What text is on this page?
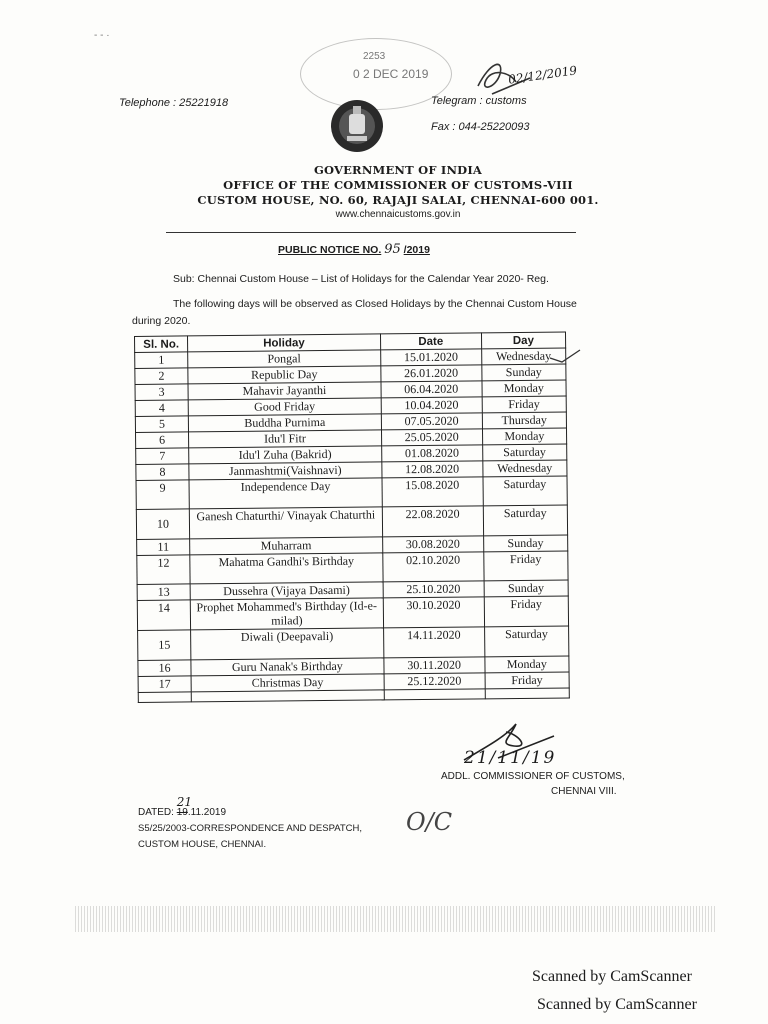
- - ·
2253
0 2 DEC 2019	02/12/2019
Telephone : 25221918	Telegram : customs
Fax : 044-25220093
GOVERNMENT OF INDIA
OFFICE OF THE COMMISSIONER OF CUSTOMS-VIII
CUSTOM HOUSE, NO. 60, RAJAJI SALAI, CHENNAI-600 001.
www.chennaicustoms.gov.in
PUBLIC NOTICE NO. 95 /2019
Sub: Chennai Custom House – List of Holidays for the Calendar Year 2020- Reg.
The following days will be observed as Closed Holidays by the Chennai Custom House
during 2020.
Sl. No.	Holiday	Date	Day
1	Pongal	15.01.2020	Wednesday
2	Republic Day	26.01.2020	Sunday
3	Mahavir Jayanthi	06.04.2020	Monday
4	Good Friday	10.04.2020	Friday
5	Buddha Purnima	07.05.2020	Thursday
6	Idu'l Fitr	25.05.2020	Monday
7	Idu'l Zuha (Bakrid)	01.08.2020	Saturday
8	Janmashtmi(Vaishnavi)	12.08.2020	Wednesday
9	Independence Day	15.08.2020	Saturday
10	Ganesh Chaturthi/ Vinayak Chaturthi	22.08.2020	Saturday
11	Muharram	30.08.2020	Sunday
12	Mahatma Gandhi's Birthday	02.10.2020	Friday
13	Dussehra (Vijaya Dasami)	25.10.2020	Sunday
14	Prophet Mohammed's Birthday (Id-e-milad)	30.10.2020	Friday
15	Diwali (Deepavali)	14.11.2020	Saturday
16	Guru Nanak's Birthday	30.11.2020	Monday
17	Christmas Day	25.12.2020	Friday

21/11/19
ADDL. COMMISSIONER OF CUSTOMS,
CHENNAI VIII.
DATED:
21
19.11.2019
S5/25/2003-CORRESPONDENCE AND DESPATCH,
CUSTOM HOUSE, CHENNAI.
O/C
Scanned by CamScanner
Scanned by CamScanner
